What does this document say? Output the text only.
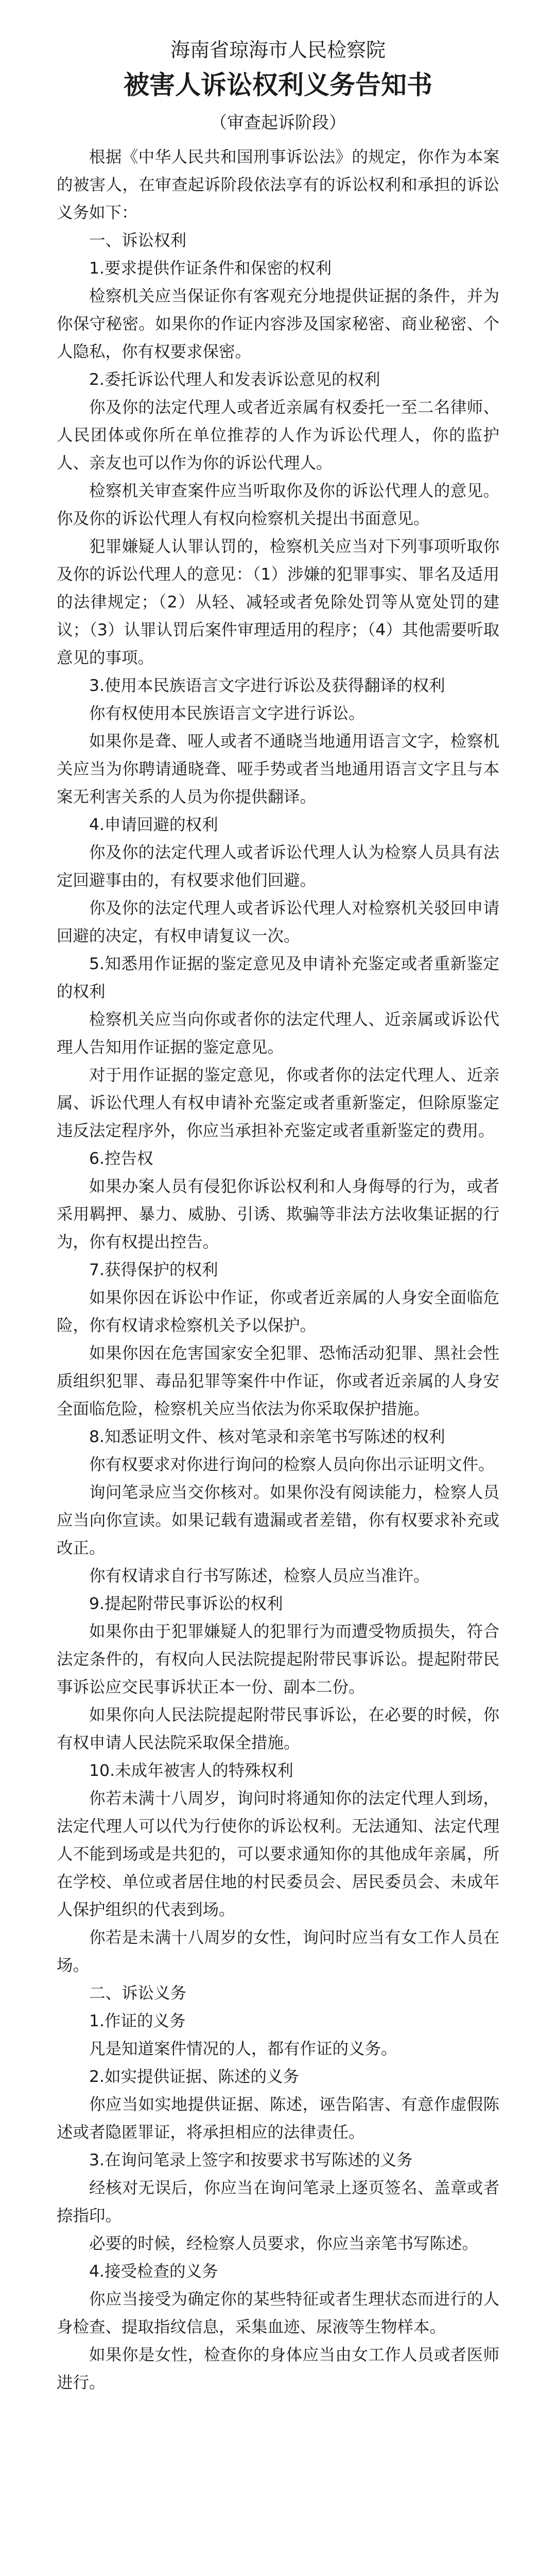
海南省琼海市人民检察院
被害人诉讼权利义务告知书
（审查起诉阶段）

根据《中华人民共和国刑事诉讼法》的规定，你作为本案的被害人，在审查起诉阶段依法享有的诉讼权利和承担的诉讼义务如下：

一、诉讼权利

1.要求提供作证条件和保密的权利

检察机关应当保证你有客观充分地提供证据的条件，并为你保守秘密。如果你的作证内容涉及国家秘密、商业秘密、个人隐私，你有权要求保密。

2.委托诉讼代理人和发表诉讼意见的权利

你及你的法定代理人或者近亲属有权委托一至二名律师、人民团体或你所在单位推荐的人作为诉讼代理人，你的监护人、亲友也可以作为你的诉讼代理人。

检察机关审查案件应当听取你及你的诉讼代理人的意见。你及你的诉讼代理人有权向检察机关提出书面意见。

犯罪嫌疑人认罪认罚的，检察机关应当对下列事项听取你及你的诉讼代理人的意见：（1）涉嫌的犯罪事实、罪名及适用的法律规定；（2）从轻、减轻或者免除处罚等从宽处罚的建议；（3）认罪认罚后案件审理适用的程序；（4）其他需要听取意见的事项。

3.使用本民族语言文字进行诉讼及获得翻译的权利

你有权使用本民族语言文字进行诉讼。

如果你是聋、哑人或者不通晓当地通用语言文字，检察机关应当为你聘请通晓聋、哑手势或者当地通用语言文字且与本案无利害关系的人员为你提供翻译。

4.申请回避的权利

你及你的法定代理人或者诉讼代理人认为检察人员具有法定回避事由的，有权要求他们回避。

你及你的法定代理人或者诉讼代理人对检察机关驳回申请回避的决定，有权申请复议一次。

5.知悉用作证据的鉴定意见及申请补充鉴定或者重新鉴定的权利

检察机关应当向你或者你的法定代理人、近亲属或诉讼代理人告知用作证据的鉴定意见。

对于用作证据的鉴定意见，你或者你的法定代理人、近亲属、诉讼代理人有权申请补充鉴定或者重新鉴定，但除原鉴定违反法定程序外，你应当承担补充鉴定或者重新鉴定的费用。

6.控告权

如果办案人员有侵犯你诉讼权利和人身侮辱的行为，或者采用羁押、暴力、威胁、引诱、欺骗等非法方法收集证据的行为，你有权提出控告。

7.获得保护的权利

如果你因在诉讼中作证，你或者近亲属的人身安全面临危险，你有权请求检察机关予以保护。

如果你因在危害国家安全犯罪、恐怖活动犯罪、黑社会性质组织犯罪、毒品犯罪等案件中作证，你或者近亲属的人身安全面临危险，检察机关应当依法为你采取保护措施。

8.知悉证明文件、核对笔录和亲笔书写陈述的权利

你有权要求对你进行询问的检察人员向你出示证明文件。

询问笔录应当交你核对。如果你没有阅读能力，检察人员应当向你宣读。如果记载有遗漏或者差错，你有权要求补充或改正。

你有权请求自行书写陈述，检察人员应当准许。

9.提起附带民事诉讼的权利

如果你由于犯罪嫌疑人的犯罪行为而遭受物质损失，符合法定条件的，有权向人民法院提起附带民事诉讼。提起附带民事诉讼应交民事诉状正本一份、副本二份。

如果你向人民法院提起附带民事诉讼，在必要的时候，你有权申请人民法院采取保全措施。

10.未成年被害人的特殊权利

你若未满十八周岁，询问时将通知你的法定代理人到场，法定代理人可以代为行使你的诉讼权利。无法通知、法定代理人不能到场或是共犯的，可以要求通知你的其他成年亲属，所在学校、单位或者居住地的村民委员会、居民委员会、未成年人保护组织的代表到场。

你若是未满十八周岁的女性，询问时应当有女工作人员在场。

二、诉讼义务

1.作证的义务

凡是知道案件情况的人，都有作证的义务。

2.如实提供证据、陈述的义务

你应当如实地提供证据、陈述，诬告陷害、有意作虚假陈述或者隐匿罪证，将承担相应的法律责任。

3.在询问笔录上签字和按要求书写陈述的义务

经核对无误后，你应当在询问笔录上逐页签名、盖章或者捺指印。

必要的时候，经检察人员要求，你应当亲笔书写陈述。

4.接受检查的义务

你应当接受为确定你的某些特征或者生理状态而进行的人身检查、提取指纹信息，采集血迹、尿液等生物样本。

如果你是女性，检查你的身体应当由女工作人员或者医师进行。
